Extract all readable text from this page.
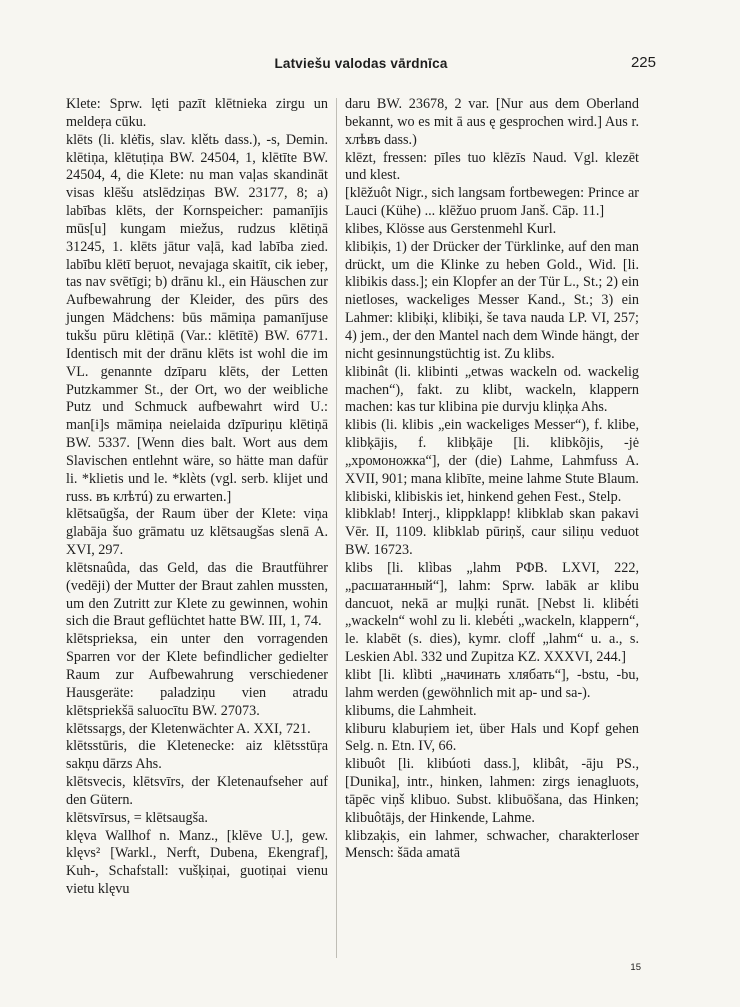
Latviešu valodas vārdnīca	225

Klete: Sprw. lęti pazīt klētnieka zirgu un meldeŗa cūku.

klēts (li. klė̃tis, slav. klětь dass.), -s, Demin. klētiņa, klētuṭiņa BW. 24504, 1, klētīte BW. 24504, 4, die Klete: nu man vaļas skandināt visas klēšu atslēdziņas BW. 23177, 8; a) labības klēts, der Kornspeicher: pamanījis mūs[u] kungam miežus, rudzus klētiņā 31245, 1. klēts jātur vaļā, kad labība zied. labību klētī beŗuot, nevajaga skaitīt, cik iebeŗ, tas nav svētīgi; b) drānu kl., ein Häuschen zur Aufbewahrung der Kleider, des pūrs des jungen Mädchens: būs māmiņa pamanījuse tukšu pūru klētiņā (Var.: klētītē) BW. 6771. Identisch mit der drānu klēts ist wohl die im VL. genannte dzīparu klēts, der Letten Putzkammer St., der Ort, wo der weibliche Putz und Schmuck aufbewahrt wird U.: man[i]s māmiņa neielaida dzīpuriņu klētiņā BW. 5337. [Wenn dies balt. Wort aus dem Slavischen entlehnt wäre, so hätte man dafür li. *klietis und le. *klèts (vgl. serb. klijet und russ. въ клѣтú) zu erwarten.]

klētsaūgša, der Raum über der Klete: viņa glabāja šuo grāmatu uz klētsaugšas slenā A. XVI, 297.

klētsnaûda, das Geld, das die Brautführer (vedēji) der Mutter der Braut zahlen mussten, um den Zutritt zur Klete zu gewinnen, wohin sich die Braut geflüchtet hatte BW. III, 1, 74.

klētsprieksa, ein unter den vorragenden Sparren vor der Klete befindlicher gedielter Raum zur Aufbewahrung verschiedener Hausgeräte: paladziņu vien atradu klētspriekšā saluocītu BW. 27073.

klētssaŗgs, der Kletenwächter A. XXI, 721.

klētsstūris, die Kletenecke: aiz klētsstūŗa sakņu dārzs Ahs.

klētsvecis, klētsvīrs, der Kletenaufseher auf den Gütern.

klētsvīrsus, = klētsaugša.

klęva Wallhof n. Manz., [klēve U.], gew. klęvs² [Warkl., Nerft, Dubena, Ekengraf], Kuh-, Schafstall: vušķiņai, guotiņai vienu vietu klęvu

daru BW. 23678, 2 var. [Nur aus dem Oberland bekannt, wo es mit ā aus ę gesprochen wird.] Aus r. хлѣвъ dass.)

klēzt, fressen: pīles tuo klēzīs Naud. Vgl. klezēt und klest.

[klēžuôt Nigr., sich langsam fortbewegen: Prince ar Lauci (Kühe) ... klēžuo pruom Janš. Cāp. 11.]

klibes, Klösse aus Gerstenmehl Kurl.

klibiķis, 1) der Drücker der Türklinke, auf den man drückt, um die Klinke zu heben Gold., Wid. [li. klibikis dass.]; ein Klopfer an der Tür L., St.; 2) ein nietloses, wackeliges Messer Kand., St.; 3) ein Lahmer: klibiķi, klibiķi, še tava nauda LP. VI, 257; 4) jem., der den Mantel nach dem Winde hängt, der nicht gesinnungstüchtig ist. Zu klibs.

klibinât (li. klibinti „etwas wackeln od. wackelig machen“), fakt. zu klibt, wackeln, klappern machen: kas tur klibina pie durvju kliņķa Ahs.

klibis (li. klibis „ein wackeliges Messer“), f. klibe, klibķājis, f. klibķāje [li. klibkõjis, -jė „хромоножка“], der (die) Lahme, Lahmfuss A. XVII, 901; mana klibīte, meine lahme Stute Blaum.

klibiski, klibiskis iet, hinkend gehen Fest., Stelp.

klibklab! Interj., klippklapp! klibklab skan pakavi Vēr. II, 1109. klibklab pūriņš, caur siliņu veduot BW. 16723.

klibs [li. klìbas „lahm РФВ. LXVI, 222, „расшатанный“], lahm: Sprw. labāk ar klibu dancuot, nekā ar muļķi runāt. [Nebst li. klibė́ti „wackeln“ wohl zu li. klebė́ti „wackeln, klappern“, le. klabēt (s. dies), kymr. cloff „lahm“ u. a., s. Leskien Abl. 332 und Zupitza KZ. XXXVI, 244.]

klibt [li. klìbti „начинать хлябать“], -bstu, -bu, lahm werden (gewöhnlich mit ap- und sa-).

klibums, die Lahmheit.

kliburu klabuŗiem iet, über Hals und Kopf gehen Selg. n. Etn. IV, 66.

klibuôt [li. klibúoti dass.], klibât, -āju PS., [Dunika], intr., hinken, lahmen: zirgs ienagluots, tāpēc viņš klibuo. Subst. klibuōšana, das Hinken; klibuôtājs, der Hinkende, Lahme.

klibzaķis, ein lahmer, schwacher, charakterloser Mensch: šāda amatā

15
